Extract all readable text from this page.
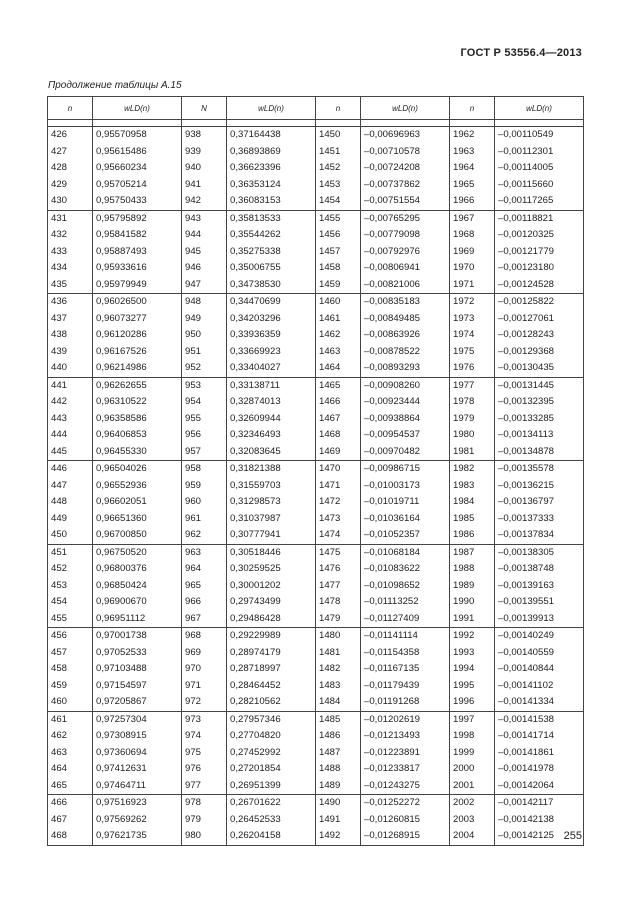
ГОСТ Р 53556.4—2013
Продолжение таблицы А.15
n	wLD(n)	N	wLD(n)	n	wLD(n)	n	wLD(n)

426	0,95570958	938	0,37164438	1450	–0,00696963	1962	–0,00110549
427	0,95615486	939	0,36893869	1451	–0,00710578	1963	–0,00112301
428	0,95660234	940	0,36623396	1452	–0,00724208	1964	–0,00114005
429	0,95705214	941	0,36353124	1453	–0,00737862	1965	–0,00115660
430	0,95750433	942	0,36083153	1454	–0,00751554	1966	–0,00117265
431	0,95795892	943	0,35813533	1455	–0,00765295	1967	–0,00118821
432	0,95841582	944	0,35544262	1456	–0,00779098	1968	–0,00120325
433	0,95887493	945	0,35275338	1457	–0,00792976	1969	–0,00121779
434	0,95933616	946	0,35006755	1458	–0,00806941	1970	–0,00123180
435	0,95979949	947	0,34738530	1459	–0,00821006	1971	–0,00124528
436	0,96026500	948	0,34470699	1460	–0,00835183	1972	–0,00125822
437	0,96073277	949	0,34203296	1461	–0,00849485	1973	–0,00127061
438	0,96120286	950	0,33936359	1462	–0,00863926	1974	–0,00128243
439	0,96167526	951	0,33669923	1463	–0,00878522	1975	–0,00129368
440	0,96214986	952	0,33404027	1464	–0,00893293	1976	–0,00130435
441	0,96262655	953	0,33138711	1465	–0,00908260	1977	–0,00131445
442	0,96310522	954	0,32874013	1466	–0,00923444	1978	–0,00132395
443	0,96358586	955	0,32609944	1467	–0,00938864	1979	–0,00133285
444	0,96406853	956	0,32346493	1468	–0,00954537	1980	–0,00134113
445	0,96455330	957	0,32083645	1469	–0,00970482	1981	–0,00134878
446	0,96504026	958	0,31821388	1470	–0,00986715	1982	–0,00135578
447	0,96552936	959	0,31559703	1471	–0,01003173	1983	–0,00136215
448	0,96602051	960	0,31298573	1472	–0,01019711	1984	–0,00136797
449	0,96651360	961	0,31037987	1473	–0,01036164	1985	–0,00137333
450	0,96700850	962	0,30777941	1474	–0,01052357	1986	–0,00137834
451	0,96750520	963	0,30518446	1475	–0,01068184	1987	–0,00138305
452	0,96800376	964	0,30259525	1476	–0,01083622	1988	–0,00138748
453	0,96850424	965	0,30001202	1477	–0,01098652	1989	–0,00139163
454	0,96900670	966	0,29743499	1478	–0,01113252	1990	–0,00139551
455	0,96951112	967	0,29486428	1479	–0,01127409	1991	–0,00139913
456	0,97001738	968	0,29229989	1480	–0,01141114	1992	–0,00140249
457	0,97052533	969	0,28974179	1481	–0,01154358	1993	–0,00140559
458	0,97103488	970	0,28718997	1482	–0,01167135	1994	–0,00140844
459	0,97154597	971	0,28464452	1483	–0,01179439	1995	–0,00141102
460	0,97205867	972	0,28210562	1484	–0,01191268	1996	–0,00141334
461	0,97257304	973	0,27957346	1485	–0,01202619	1997	–0,00141538
462	0,97308915	974	0,27704820	1486	–0,01213493	1998	–0,00141714
463	0,97360694	975	0,27452992	1487	–0,01223891	1999	–0,00141861
464	0,97412631	976	0,27201854	1488	–0,01233817	2000	–0,00141978
465	0,97464711	977	0,26951399	1489	–0,01243275	2001	–0,00142064
466	0,97516923	978	0,26701622	1490	–0,01252272	2002	–0,00142117
467	0,97569262	979	0,26452533	1491	–0,01260815	2003	–0,00142138
468	0,97621735	980	0,26204158	1492	–0,01268915	2004	–0,00142125 255
